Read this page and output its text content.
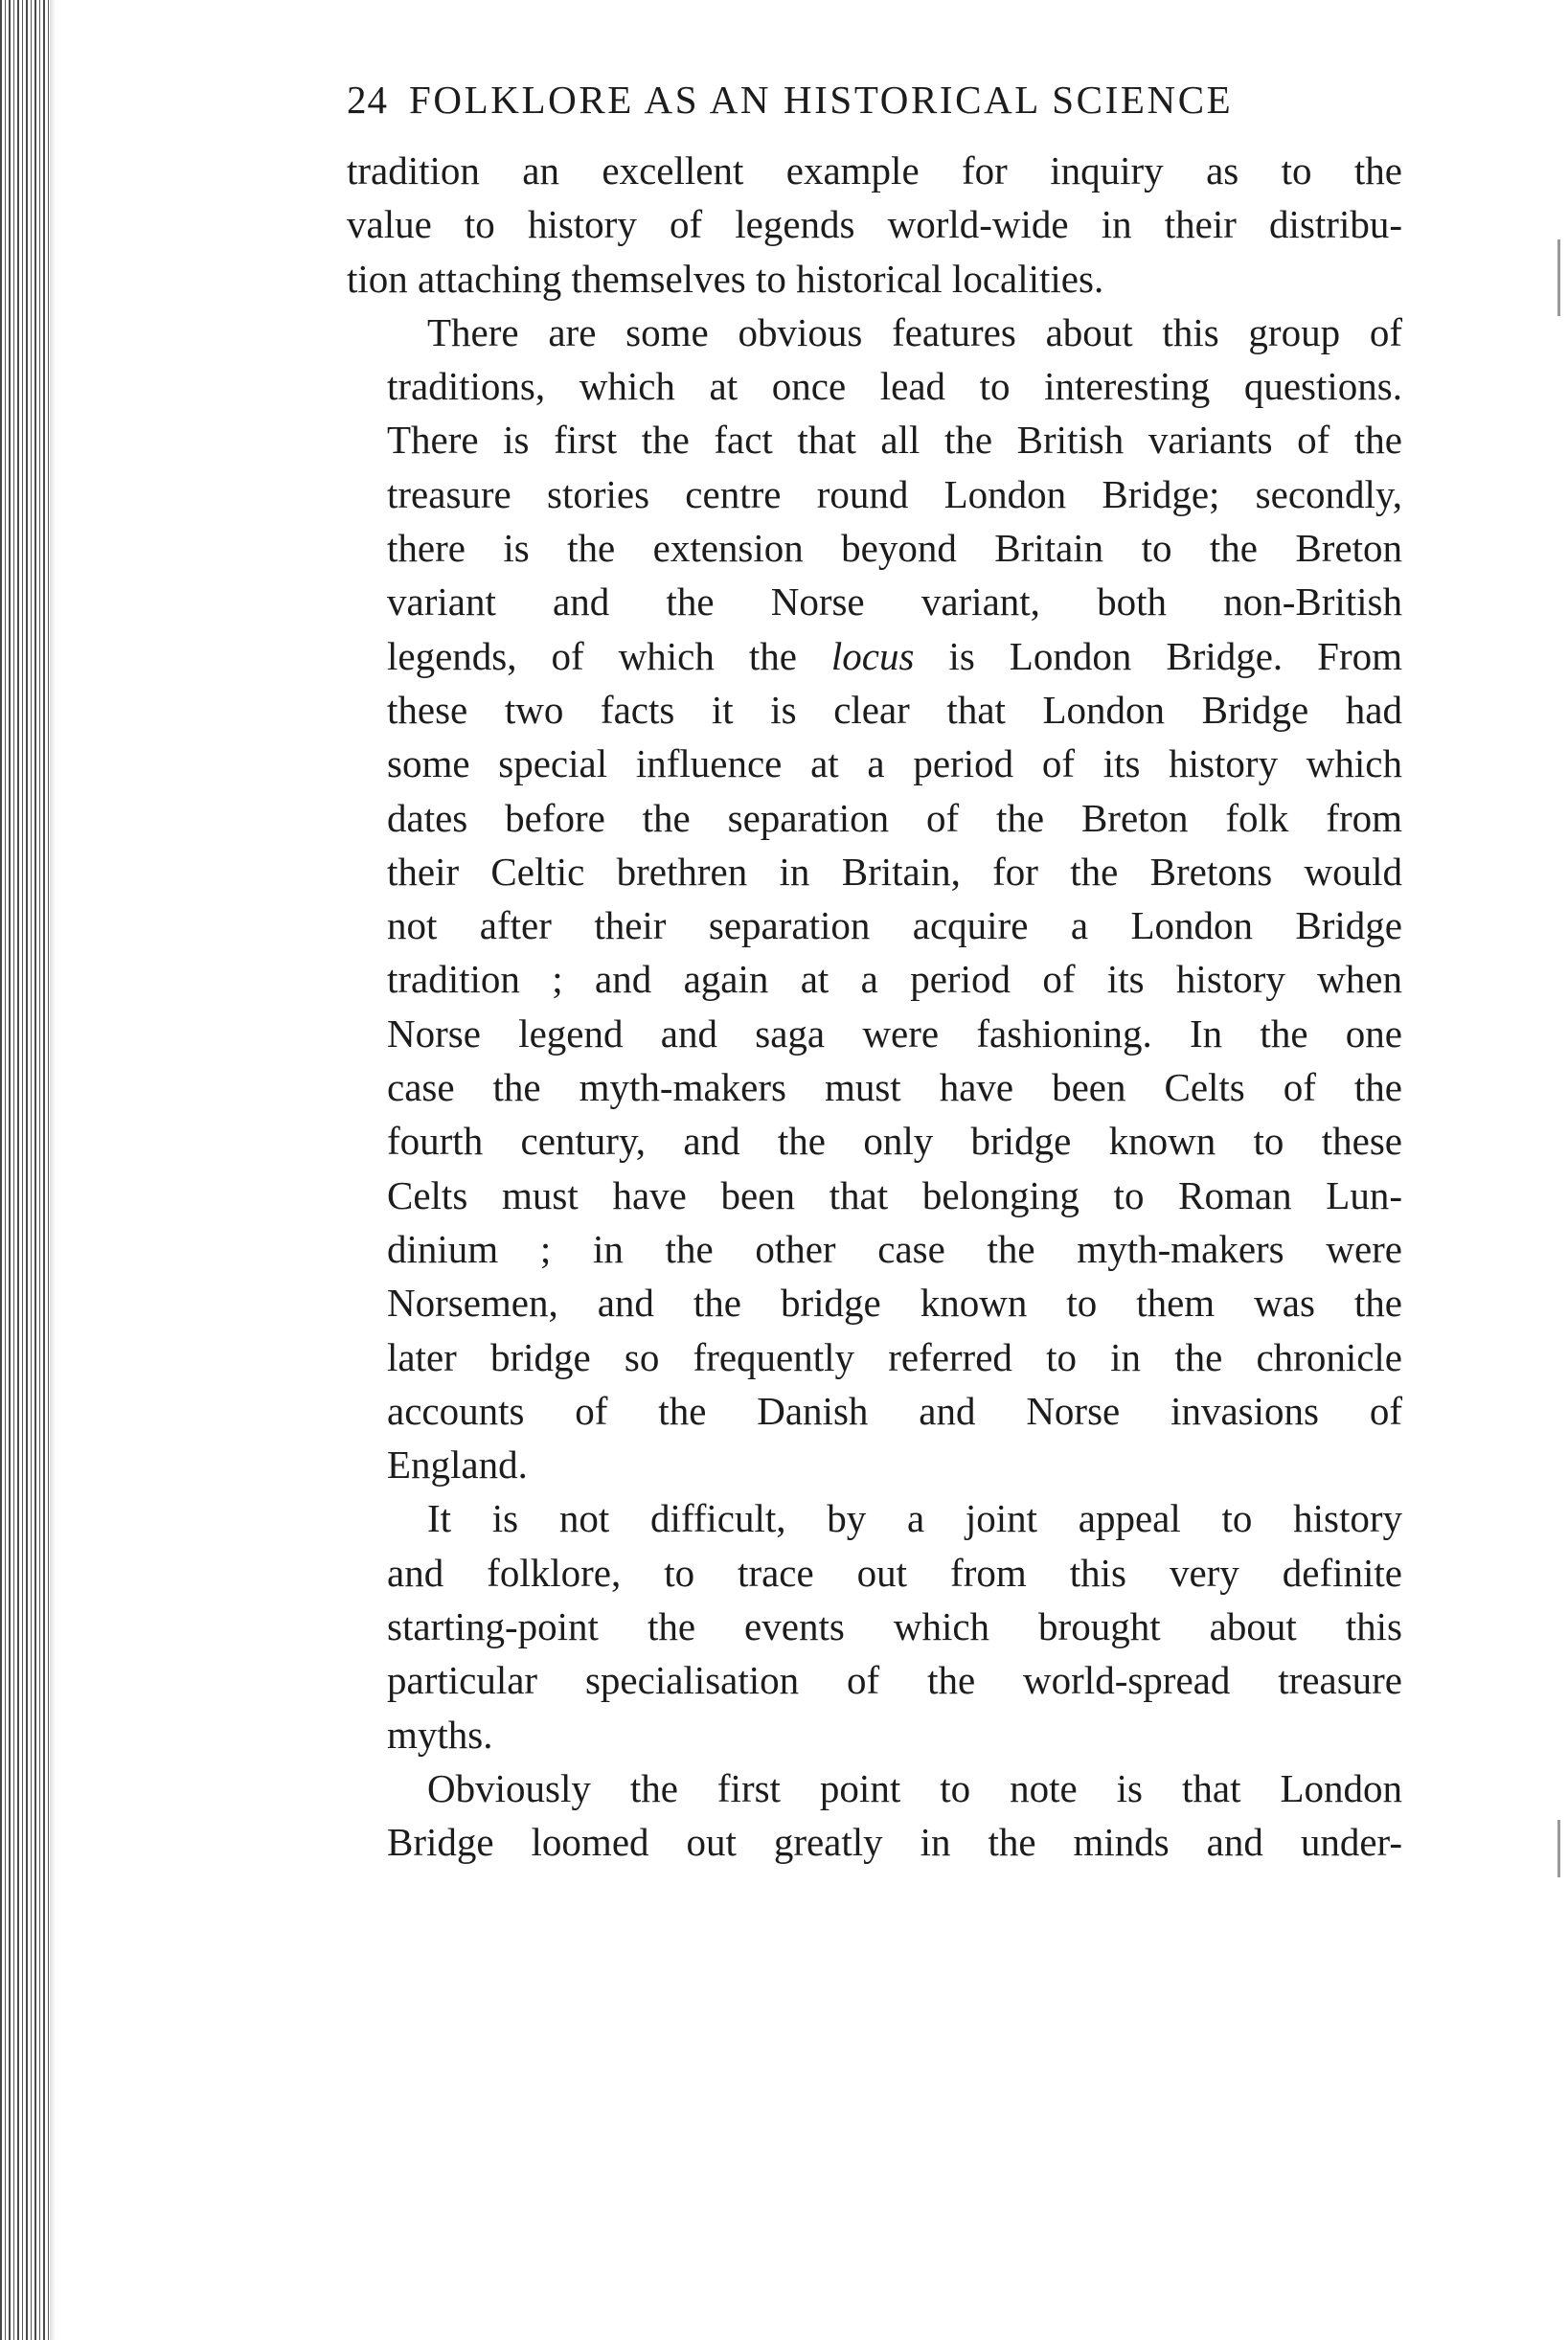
24 FOLKLORE AS AN HISTORICAL SCIENCE
tradition an excellent example for inquiry as to the
value to history of legends world-wide in their distribu-
tion attaching themselves to historical localities.
There are some obvious features about this group of
traditions, which at once lead to interesting questions.
There is first the fact that all the British variants of the
treasure stories centre round London Bridge; secondly,
there is the extension beyond Britain to the Breton
variant and the Norse variant, both non-British
legends, of which the locus is London Bridge. From
these two facts it is clear that London Bridge had
some special influence at a period of its history which
dates before the separation of the Breton folk from
their Celtic brethren in Britain, for the Bretons would
not after their separation acquire a London Bridge
tradition ; and again at a period of its history when
Norse legend and saga were fashioning. In the one
case the myth-makers must have been Celts of the
fourth century, and the only bridge known to these
Celts must have been that belonging to Roman Lun-
dinium ; in the other case the myth-makers were
Norsemen, and the bridge known to them was the
later bridge so frequently referred to in the chronicle
accounts of the Danish and Norse invasions of
England.
It is not difficult, by a joint appeal to history
and folklore, to trace out from this very definite
starting-point the events which brought about this
particular specialisation of the world-spread treasure
myths.
Obviously the first point to note is that London
Bridge loomed out greatly in the minds and under-
